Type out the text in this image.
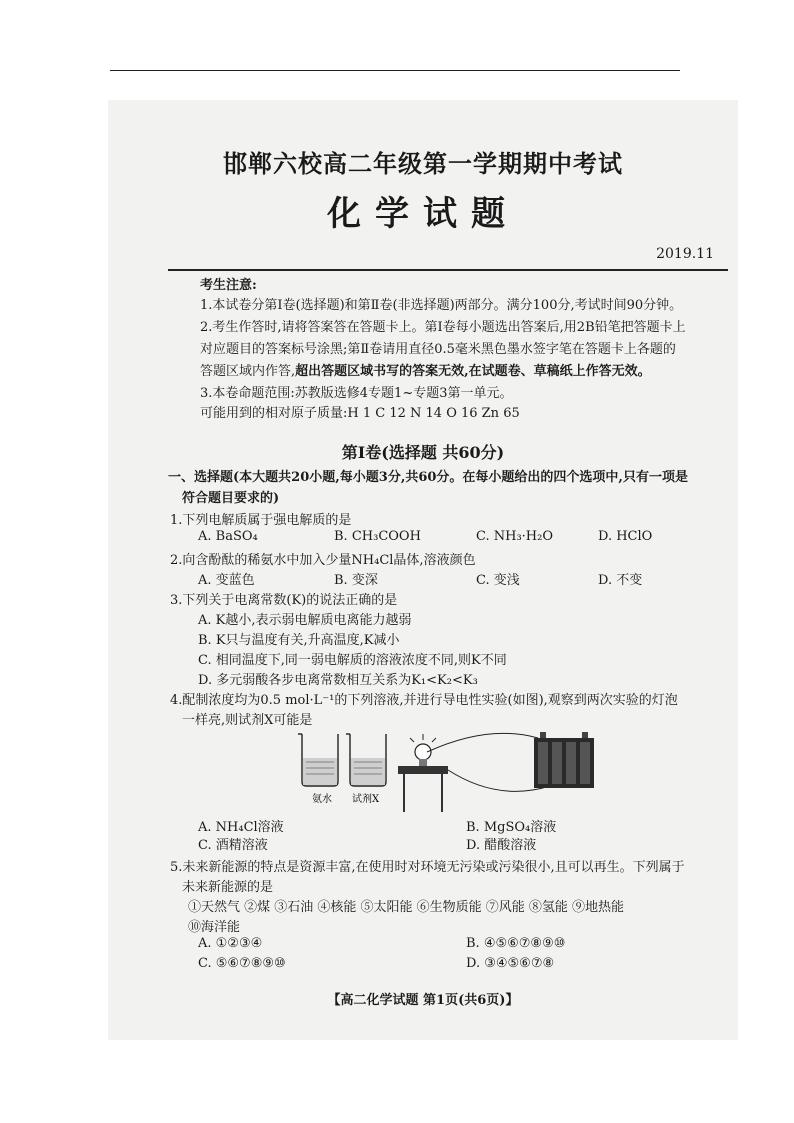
邯郸六校高二年级第一学期期中考试
化学试题
2019.11
考生注意:
1.本试卷分第Ⅰ卷(选择题)和第Ⅱ卷(非选择题)两部分。满分100分,考试时间90分钟。
2.考生作答时,请将答案答在答题卡上。第Ⅰ卷每小题选出答案后,用2B铅笔把答题卡上
对应题目的答案标号涂黑;第Ⅱ卷请用直径0.5毫米黑色墨水签字笔在答题卡上各题的
答题区域内作答,超出答题区域书写的答案无效,在试题卷、草稿纸上作答无效。
3.本卷命题范围:苏教版选修4专题1~专题3第一单元。
可能用到的相对原子质量:H 1 C 12 N 14 O 16 Zn 65
第Ⅰ卷(选择题 共60分)
一、选择题(本大题共20小题,每小题3分,共60分。在每小题给出的四个选项中,只有一项是
符合题目要求的)
1.下列电解质属于强电解质的是
A. BaSO₄	B. CH₃COOH	C. NH₃·H₂O	D. HClO
2.向含酚酞的稀氨水中加入少量NH₄Cl晶体,溶液颜色
A. 变蓝色	B. 变深	C. 变浅	D. 不变
3.下列关于电离常数(K)的说法正确的是
A. K越小,表示弱电解质电离能力越弱
B. K只与温度有关,升高温度,K减小
C. 相同温度下,同一弱电解质的溶液浓度不同,则K不同
D. 多元弱酸各步电离常数相互关系为K₁<K₂<K₃
4.配制浓度均为0.5 mol·L⁻¹的下列溶液,并进行导电性实验(如图),观察到两次实验的灯泡
一样亮,则试剂X可能是
氨水 试剂X
A. NH₄Cl溶液	B. MgSO₄溶液
C. 酒精溶液	D. 醋酸溶液
5.未来新能源的特点是资源丰富,在使用时对环境无污染或污染很小,且可以再生。下列属于
未来新能源的是
①天然气 ②煤 ③石油 ④核能 ⑤太阳能 ⑥生物质能 ⑦风能 ⑧氢能 ⑨地热能
⑩海洋能
A. ①②③④	B. ④⑤⑥⑦⑧⑨⑩
C. ⑤⑥⑦⑧⑨⑩	D. ③④⑤⑥⑦⑧
【高二化学试题 第1页(共6页)】
